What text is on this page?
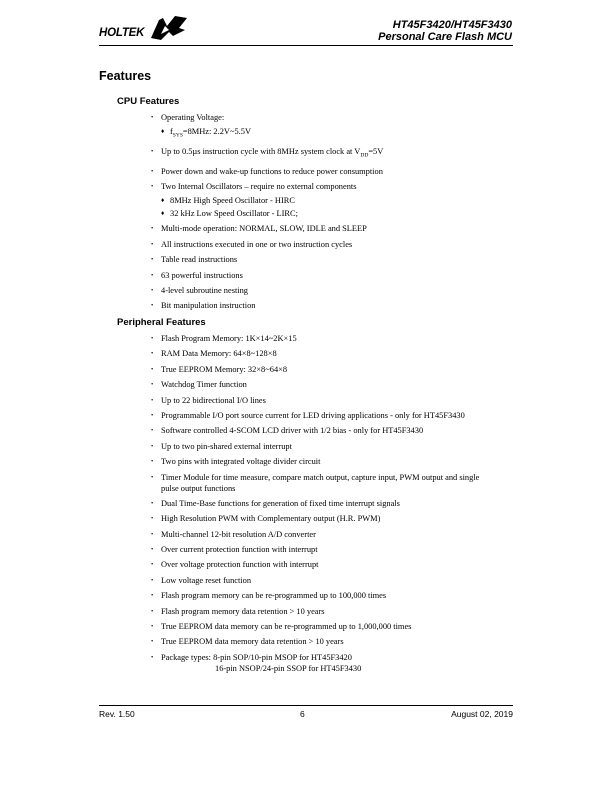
HOLTEK
HT45F3420/HT45F3430
Personal Care Flash MCU
Features
CPU Features
• Operating Voltage:
♦ $f_{SYS}=8MHz$: 2.2V~5.5V
• Up to 0.5µs instruction cycle with 8MHz system clock at $V_{DD}=5V$
• Power down and wake-up functions to reduce power consumption
• Two Internal Oscillators – require no external components
♦ 8MHz High Speed Oscillator - HIRC
♦ 32 kHz Low Speed Oscillator - LIRC;
• Multi-mode operation: NORMAL, SLOW, IDLE and SLEEP
• All instructions executed in one or two instruction cycles
• Table read instructions
• 63 powerful instructions
• 4-level subroutine nesting
• Bit manipulation instruction
Peripheral Features
• Flash Program Memory: 1K×14~2K×15
• RAM Data Memory: 64×8~128×8
• True EEPROM Memory: 32×8~64×8
• Watchdog Timer function
• Up to 22 bidirectional I/O lines
• Programmable I/O port source current for LED driving applications - only for HT45F3430
• Software controlled 4-SCOM LCD driver with 1/2 bias - only for HT45F3430
• Up to two pin-shared external interrupt
• Two pins with integrated voltage divider circuit
• Timer Module for time measure, compare match output, capture input, PWM output and single
pulse output functions
• Dual Time-Base functions for generation of fixed time interrupt signals
• High Resolution PWM with Complementary output (H.R. PWM)
• Multi-channel 12-bit resolution A/D converter
• Over current protection function with interrupt
• Over voltage protection function with interrupt
• Low voltage reset function
• Flash program memory can be re-programmed up to 100,000 times
• Flash program memory data retention > 10 years
• True EEPROM data memory can be re-programmed up to 1,000,000 times
• True EEPROM data memory data retention > 10 years
• Package types: 8-pin SOP/10-pin MSOP for HT45F3420
16-pin NSOP/24-pin SSOP for HT45F3430
Rev. 1.50	6	August 02, 2019
